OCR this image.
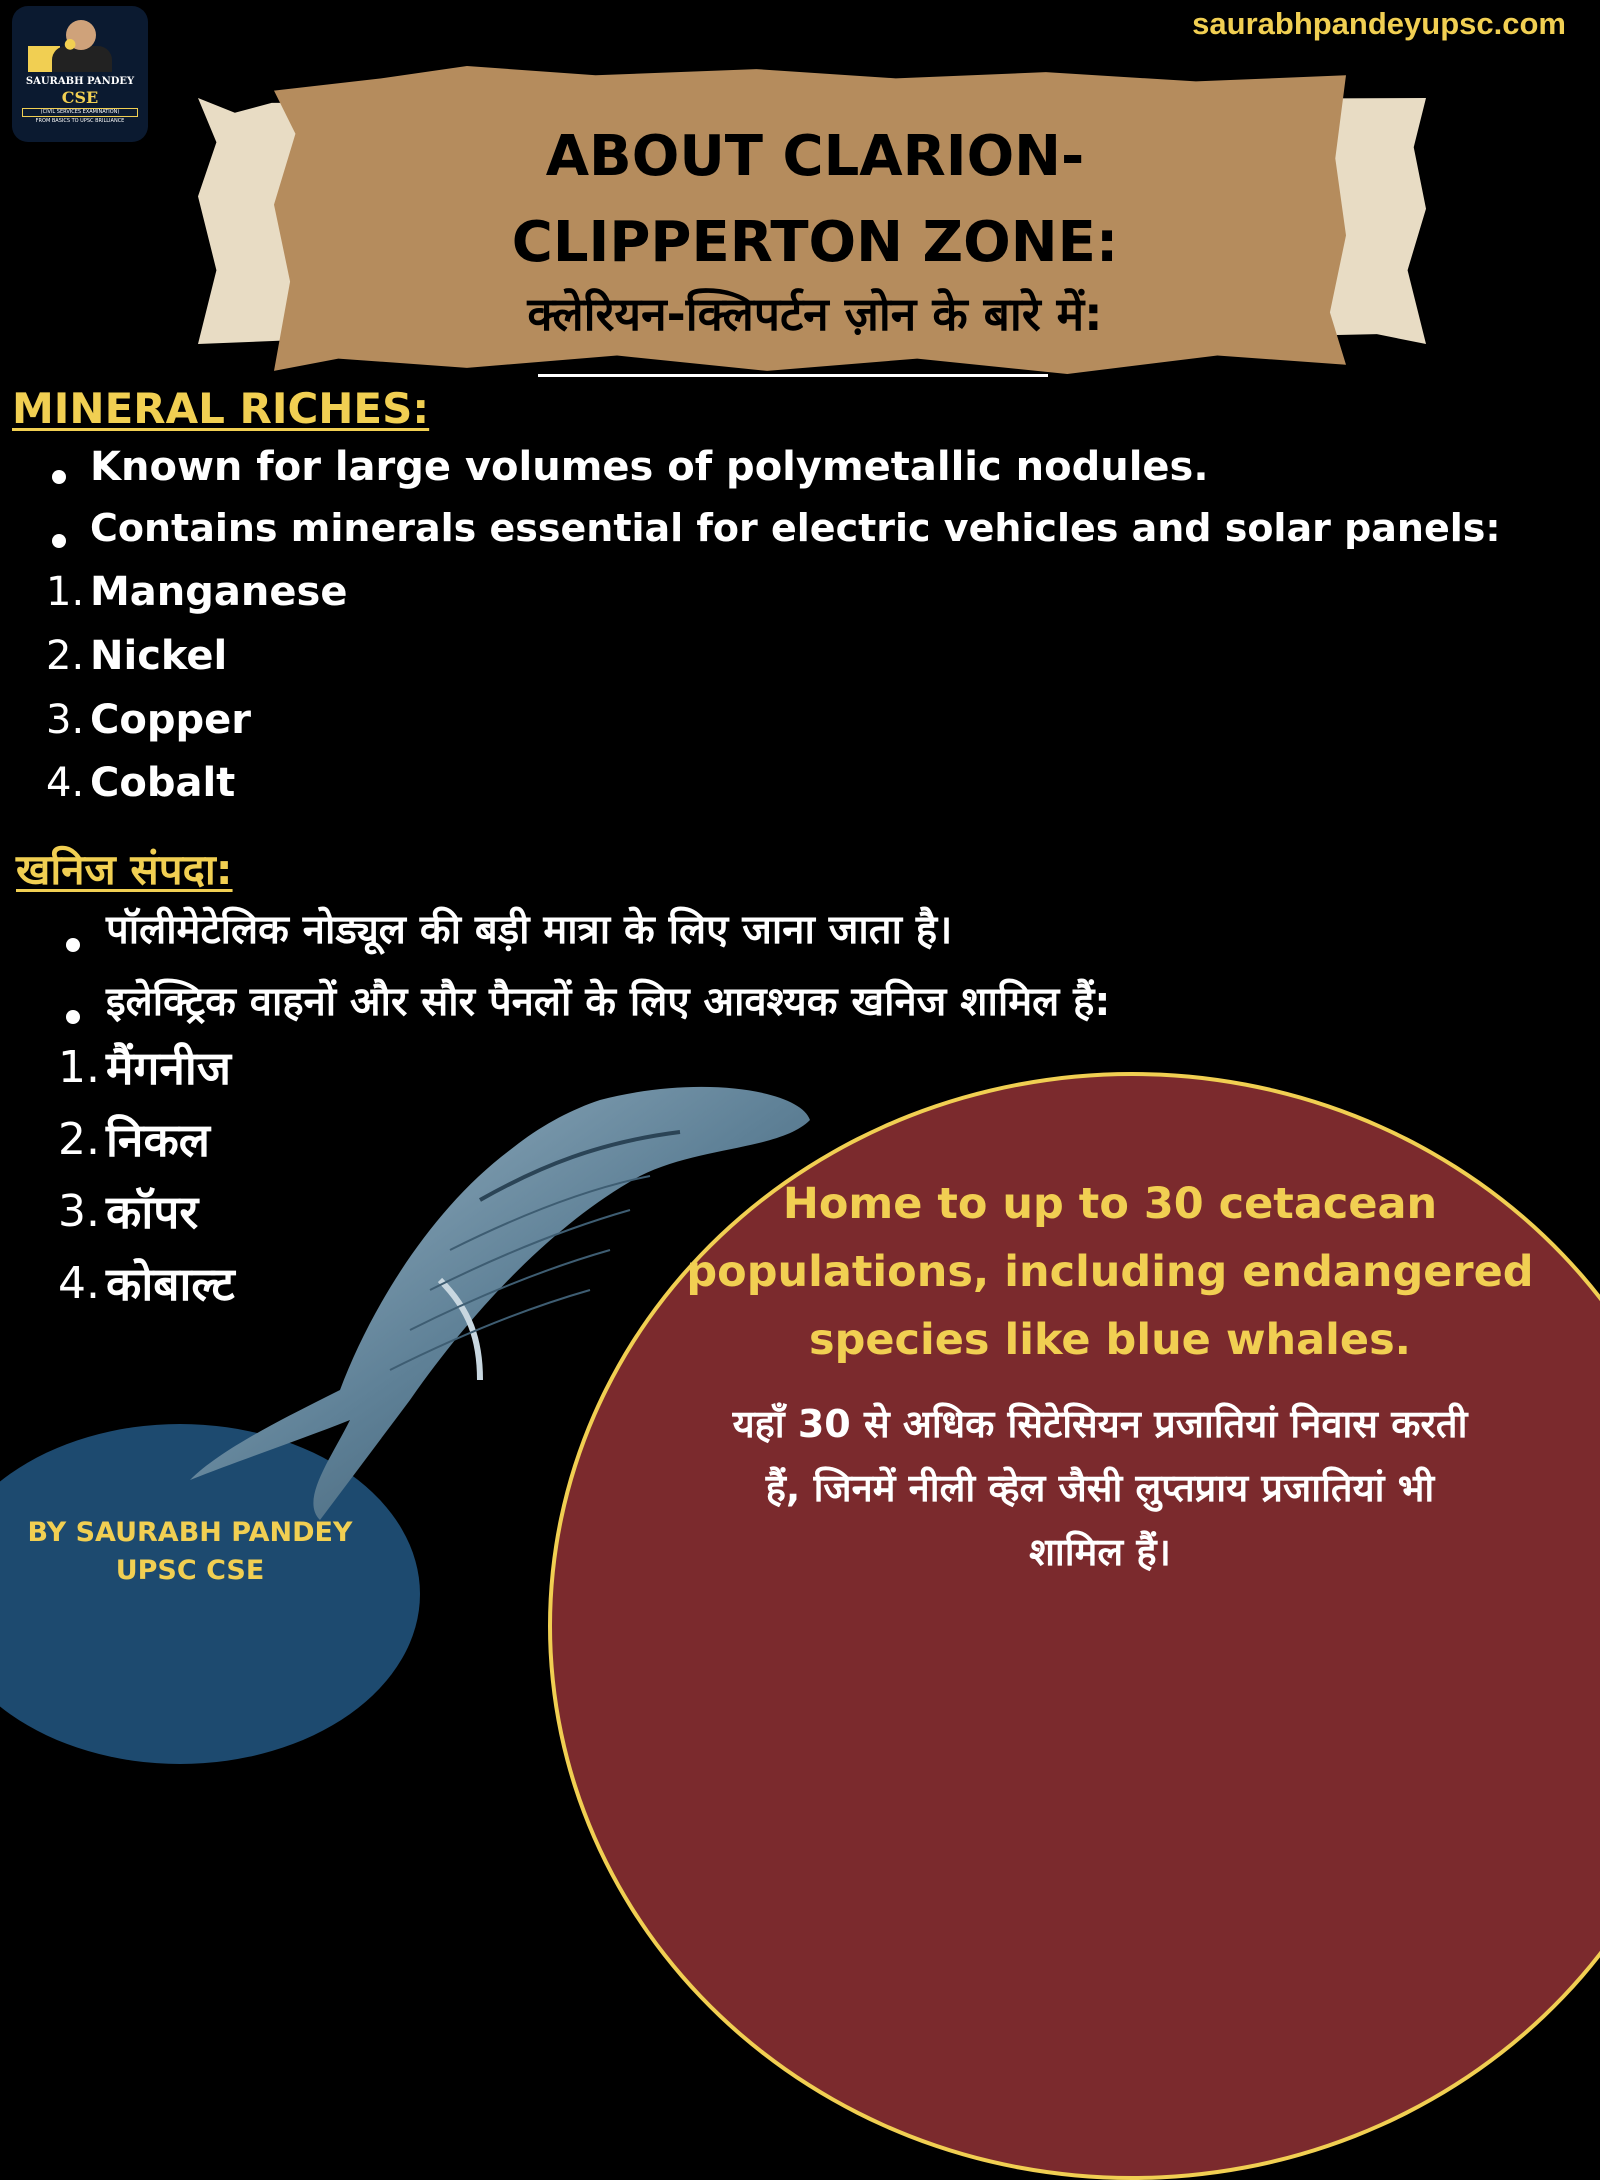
saurabhpandeyupsc.com
●
SAURABH PANDEY
CSE
(CIVIL SERVICES EXAMINATION)
FROM BASICS TO UPSC BRILLIANCE
ABOUT CLARION-
CLIPPERTON ZONE:
क्लेरियन-क्लिपर्टन ज़ोन के बारे में:
MINERAL RICHES:
Known for large volumes of polymetallic nodules.
Contains minerals essential for electric vehicles and solar panels:
1. Manganese
2. Nickel
3. Copper
4. Cobalt
खनिज संपदा:
पॉलीमेटेलिक नोड्यूल की बड़ी मात्रा के लिए जाना जाता है।
इलेक्ट्रिक वाहनों और सौर पैनलों के लिए आवश्यक खनिज शामिल हैं:
1. मैंगनीज
2. निकल
3. कॉपर
4. कोबाल्ट
Home to up to 30 cetacean
populations, including endangered
species like blue whales.
यहाँ 30 से अधिक सिटेसियन प्रजातियां निवास करती
हैं, जिनमें नीली व्हेल जैसी लुप्तप्राय प्रजातियां भी
शामिल हैं।
BY SAURABH PANDEY
UPSC CSE
